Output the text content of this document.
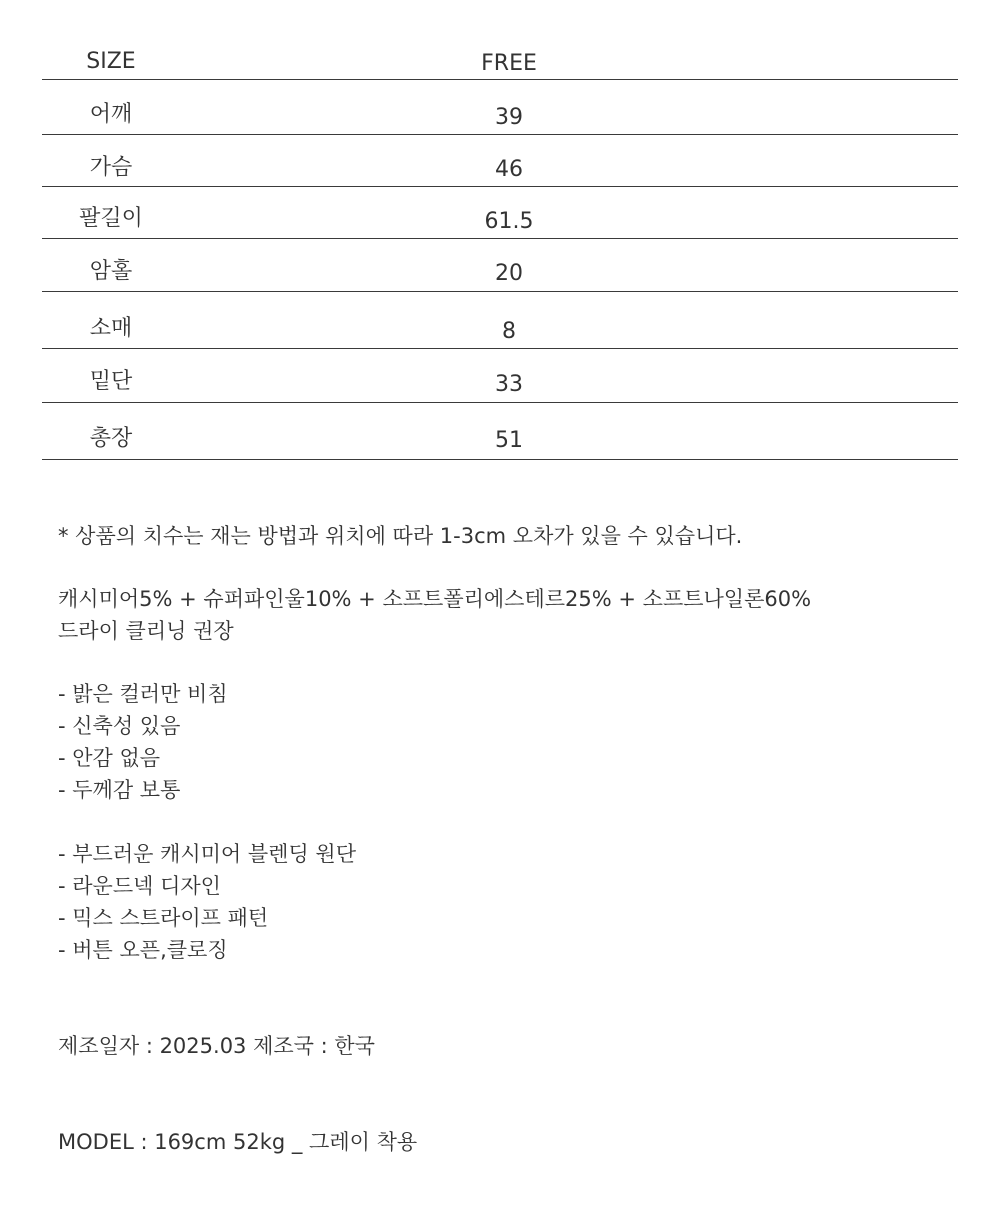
SIZE	FREE
어깨	39
가슴	46
팔길이	61.5
암홀	20
소매	8
밑단	33
총장	51
* 상품의 치수는 재는 방법과 위치에 따라 1-3cm 오차가 있을 수 있습니다.
캐시미어5% + 슈퍼파인울10% + 소프트폴리에스테르25% + 소프트나일론60%
드라이 클리닝 권장
- 밝은 컬러만 비침
- 신축성 있음
- 안감 없음
- 두께감 보통
- 부드러운 캐시미어 블렌딩 원단
- 라운드넥 디자인
- 믹스 스트라이프 패턴
- 버튼 오픈,클로징
제조일자 : 2025.03 제조국 : 한국
MODEL : 169cm 52kg _ 그레이 착용
